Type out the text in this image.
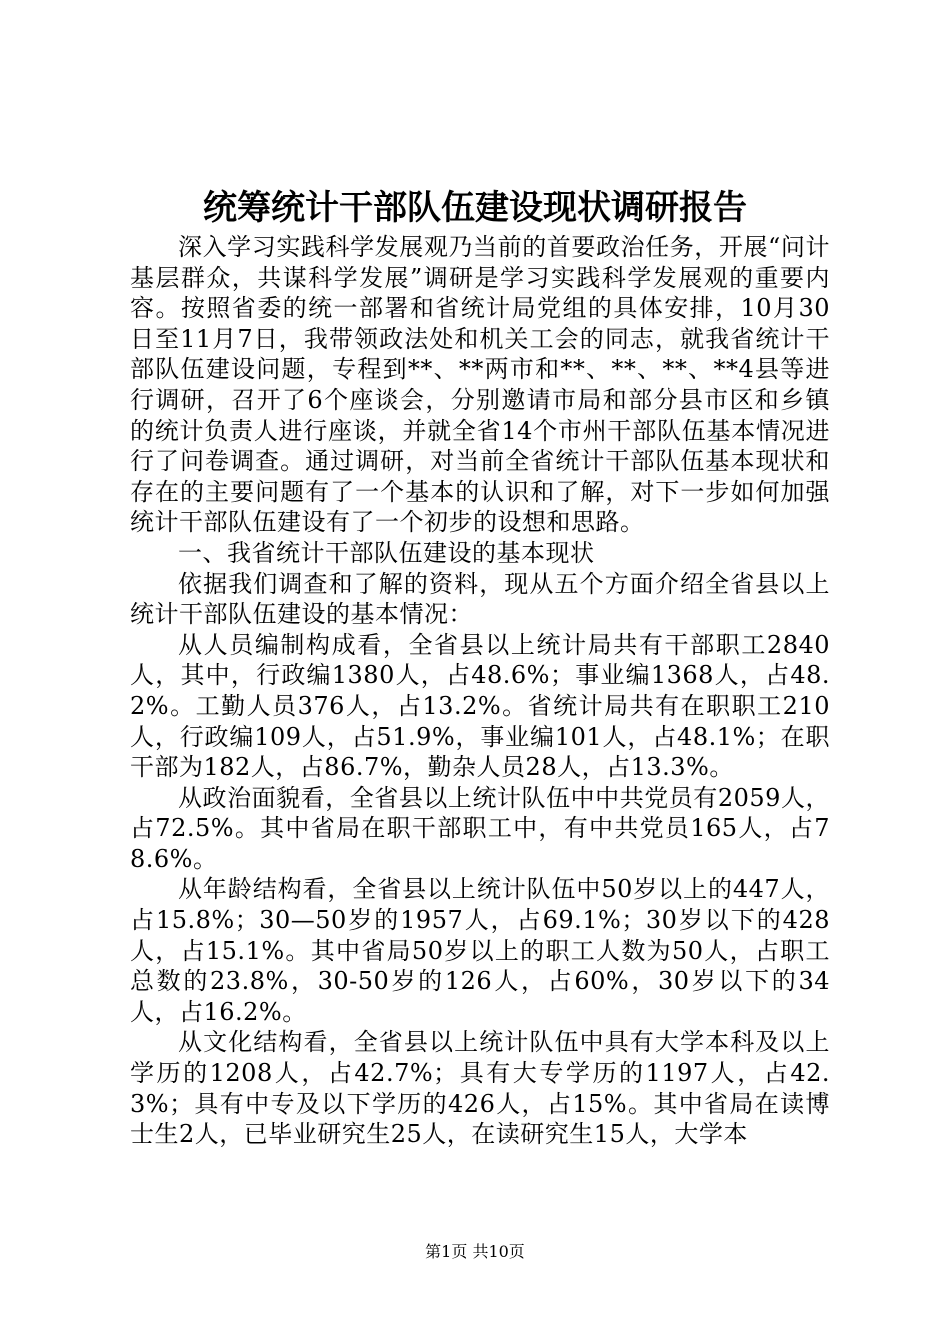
统筹统计干部队伍建设现状调研报告

深入学习实践科学发展观乃当前的首要政治任务，开展“问计基层群众，共谋科学发展”调研是学习实践科学发展观的重要内容。按照省委的统一部署和省统计局党组的具体安排，10月30日至11月7日，我带领政法处和机关工会的同志，就我省统计干部队伍建设问题，专程到**、**两市和**、**、**、**4县等进行调研，召开了6个座谈会，分别邀请市局和部分县市区和乡镇的统计负责人进行座谈，并就全省14个市州干部队伍基本情况进行了问卷调查。通过调研，对当前全省统计干部队伍基本现状和存在的主要问题有了一个基本的认识和了解，对下一步如何加强统计干部队伍建设有了一个初步的设想和思路。

一、我省统计干部队伍建设的基本现状

依据我们调查和了解的资料，现从五个方面介绍全省县以上统计干部队伍建设的基本情况：

从人员编制构成看，全省县以上统计局共有干部职工2840人，其中，行政编1380人，占48.6%；事业编1368人，占48.2%。工勤人员376人，占13.2%。省统计局共有在职职工210人，行政编109人，占51.9%，事业编101人，占48.1%；在职干部为182人，占86.7%，勤杂人员28人，占13.3%。

从政治面貌看，全省县以上统计队伍中中共党员有2059人，占72.5%。其中省局在职干部职工中，有中共党员165人，占78.6%。

从年龄结构看，全省县以上统计队伍中50岁以上的447人，占15.8%；30—50岁的1957人，占69.1%；30岁以下的428人，占15.1%。其中省局50岁以上的职工人数为50人，占职工总数的23.8%，30-50岁的126人，占60%，30岁以下的34人，占16.2%。

从文化结构看，全省县以上统计队伍中具有大学本科及以上学历的1208人，占42.7%；具有大专学历的1197人，占42.3%；具有中专及以下学历的426人，占15%。其中省局在读博士生2人，已毕业研究生25人，在读研究生15人，大学本

第1页 共10页
